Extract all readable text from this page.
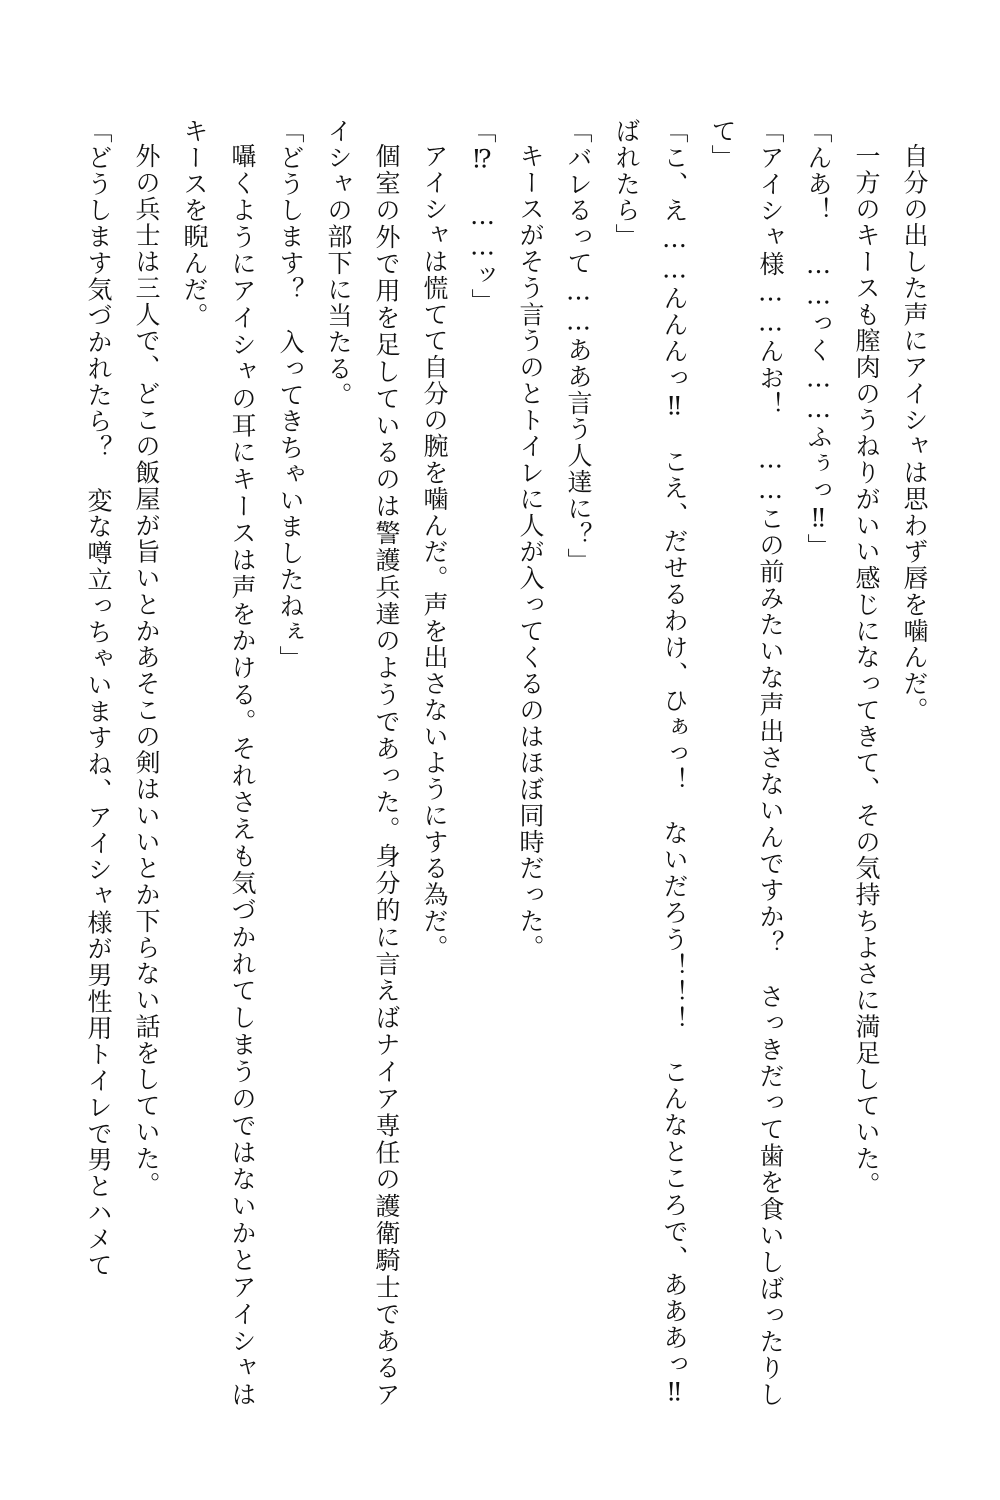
自分の出した声にアイシャは思わず唇を噛んだ。

一方のキースも膣肉のうねりがいい感じになってきて、その気持ちよさに満足していた。

「んあ！　……っく……ふぅっ‼」

「アイシャ様……んお！　……この前みたいな声出さないんですか？　さっきだって歯を食いしばったりして」

「こ、え……んんんっ‼　こえ、だせるわけ、ひぁっ！　ないだろう！！！　こんなところで、あああっ‼　ばれたら」

「バレるって……ああ言う人達に？」

キースがそう言うのとトイレに人が入ってくるのはほぼ同時だった。

「⁉　……ッ」

アイシャは慌てて自分の腕を噛んだ。声を出さないようにする為だ。

個室の外で用を足しているのは警護兵達のようであった。身分的に言えばナイア専任の護衛騎士であるアイシャの部下に当たる。

「どうします？　入ってきちゃいましたねぇ」

囁くようにアイシャの耳にキースは声をかける。それさえも気づかれてしまうのではないかとアイシャはキースを睨んだ。

外の兵士は三人で、どこの飯屋が旨いとかあそこの剣はいいとか下らない話をしていた。

「どうします気づかれたら？　変な噂立っちゃいますね、アイシャ様が男性用トイレで男とハメて
